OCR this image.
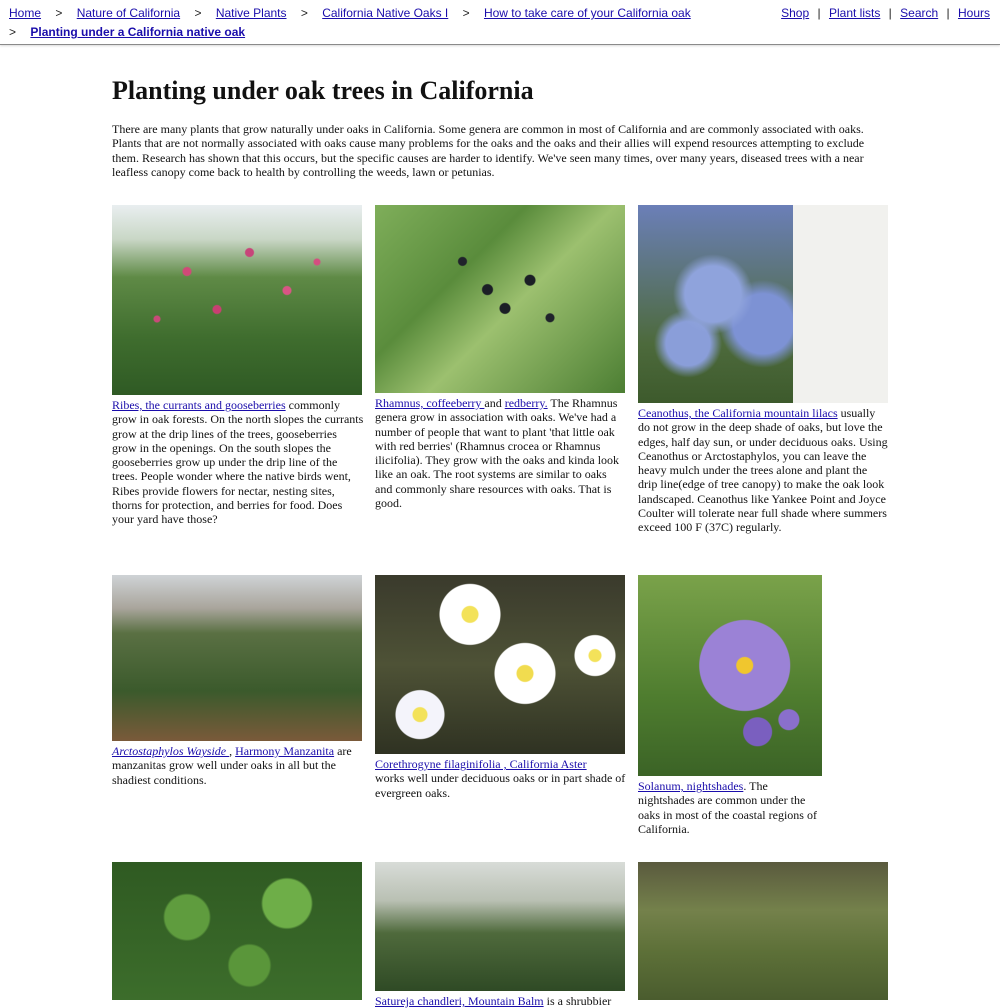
Home > Nature of California > Native Plants > California Native Oaks I > How to take care of your California oak
> Planting under a California native oak
Shop | Plant lists | Search | Hours
Planting under oak trees in California

There are many plants that grow naturally under oaks in California. Some genera are common in most of California and are commonly associated with oaks. Plants that are not normally associated with oaks cause many problems for the oaks and the oaks and their allies will expend resources attempting to exclude them. Research has shown that this occurs, but the specific causes are harder to identify. We've seen many times, over many years, diseased trees with a near leafless canopy come back to health by controlling the weeds, lawn or petunias.

Ribes, the currants and gooseberries commonly grow in oak forests. On the north slopes the currants grow at the drip lines of the trees, gooseberries grow in the openings. On the south slopes the gooseberries grow up under the drip line of the trees. People wonder where the native birds went, Ribes provide flowers for nectar, nesting sites, thorns for protection, and berries for food. Does your yard have those?
Rhamnus, coffeeberry and redberry. The Rhamnus genera grow in association with oaks. We've had a number of people that want to plant 'that little oak with red berries' (Rhamnus crocea or Rhamnus ilicifolia). They grow with the oaks and kinda look like an oak. The root systems are similar to oaks and commonly share resources with oaks. That is good.
Ceanothus, the California mountain lilacs usually do not grow in the deep shade of oaks, but love the edges, half day sun, or under deciduous oaks. Using Ceanothus or Arctostaphylos, you can leave the heavy mulch under the trees alone and plant the drip line(edge of tree canopy) to make the oak look landscaped. Ceanothus like Yankee Point and Joyce Coulter will tolerate near full shade where summers exceed 100 F (37C) regularly.
Arctostaphylos Wayside , Harmony Manzanita are manzanitas grow well under oaks in all but the shadiest conditions.
Corethrogyne filaginifolia , California Aster
works well under deciduous oaks or in part shade of evergreen oaks.	Solanum, nightshades. The nightshades are common under the oaks in most of the coastal regions of California.
Satureja chandleri, Mountain Balm is a shrubbier
